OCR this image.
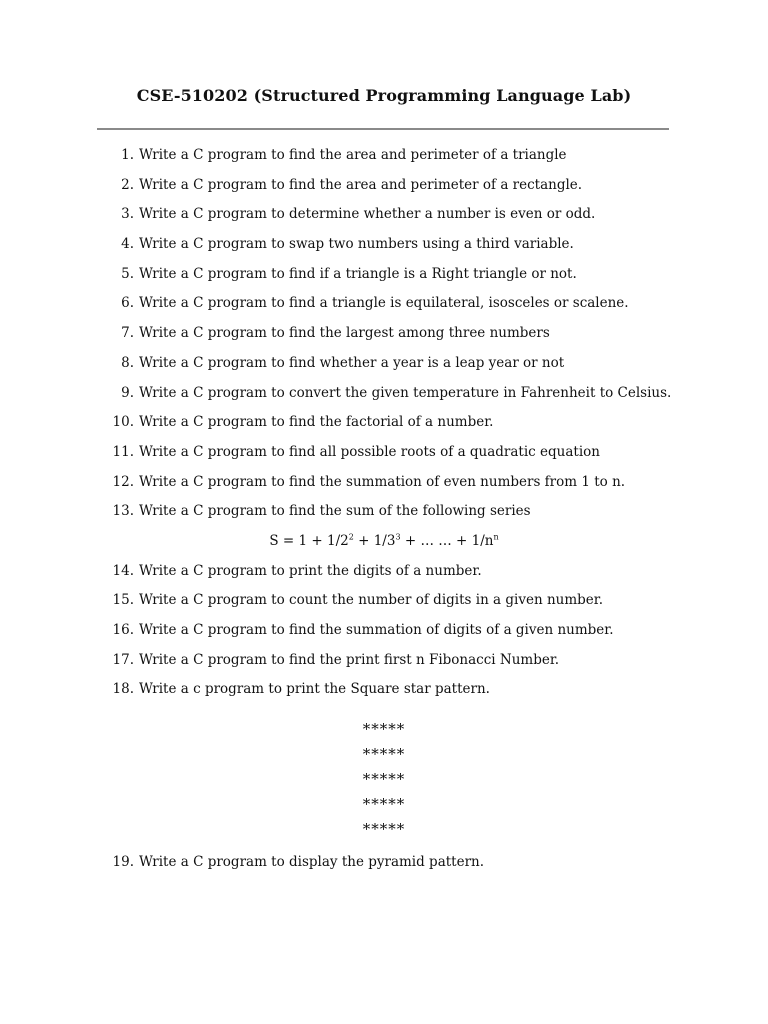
CSE-510202 (Structured Programming Language Lab)
1. Write a C program to find the area and perimeter of a triangle
2. Write a C program to find the area and perimeter of a rectangle.
3. Write a C program to determine whether a number is even or odd.
4. Write a C program to swap two numbers using a third variable.
5. Write a C program to find if a triangle is a Right triangle or not.
6. Write a C program to find a triangle is equilateral, isosceles or scalene.
7. Write a C program to find the largest among three numbers
8. Write a C program to find whether a year is a leap year or not
9. Write a C program to convert the given temperature in Fahrenheit to Celsius.
10. Write a C program to find the factorial of a number.
11. Write a C program to find all possible roots of a quadratic equation
12. Write a C program to find the summation of even numbers from 1 to n.
13. Write a C program to find the sum of the following series
$S = 1 + 1/2^2 + 1/3^3$ + … … + $1/n^n$
14. Write a C program to print the digits of a number.
15. Write a C program to count the number of digits in a given number.
16. Write a C program to find the summation of digits of a given number.
17. Write a C program to find the print first n Fibonacci Number.
18. Write a c program to print the Square star pattern.
*****
*****
*****
*****
*****
19. Write a C program to display the pyramid pattern.
